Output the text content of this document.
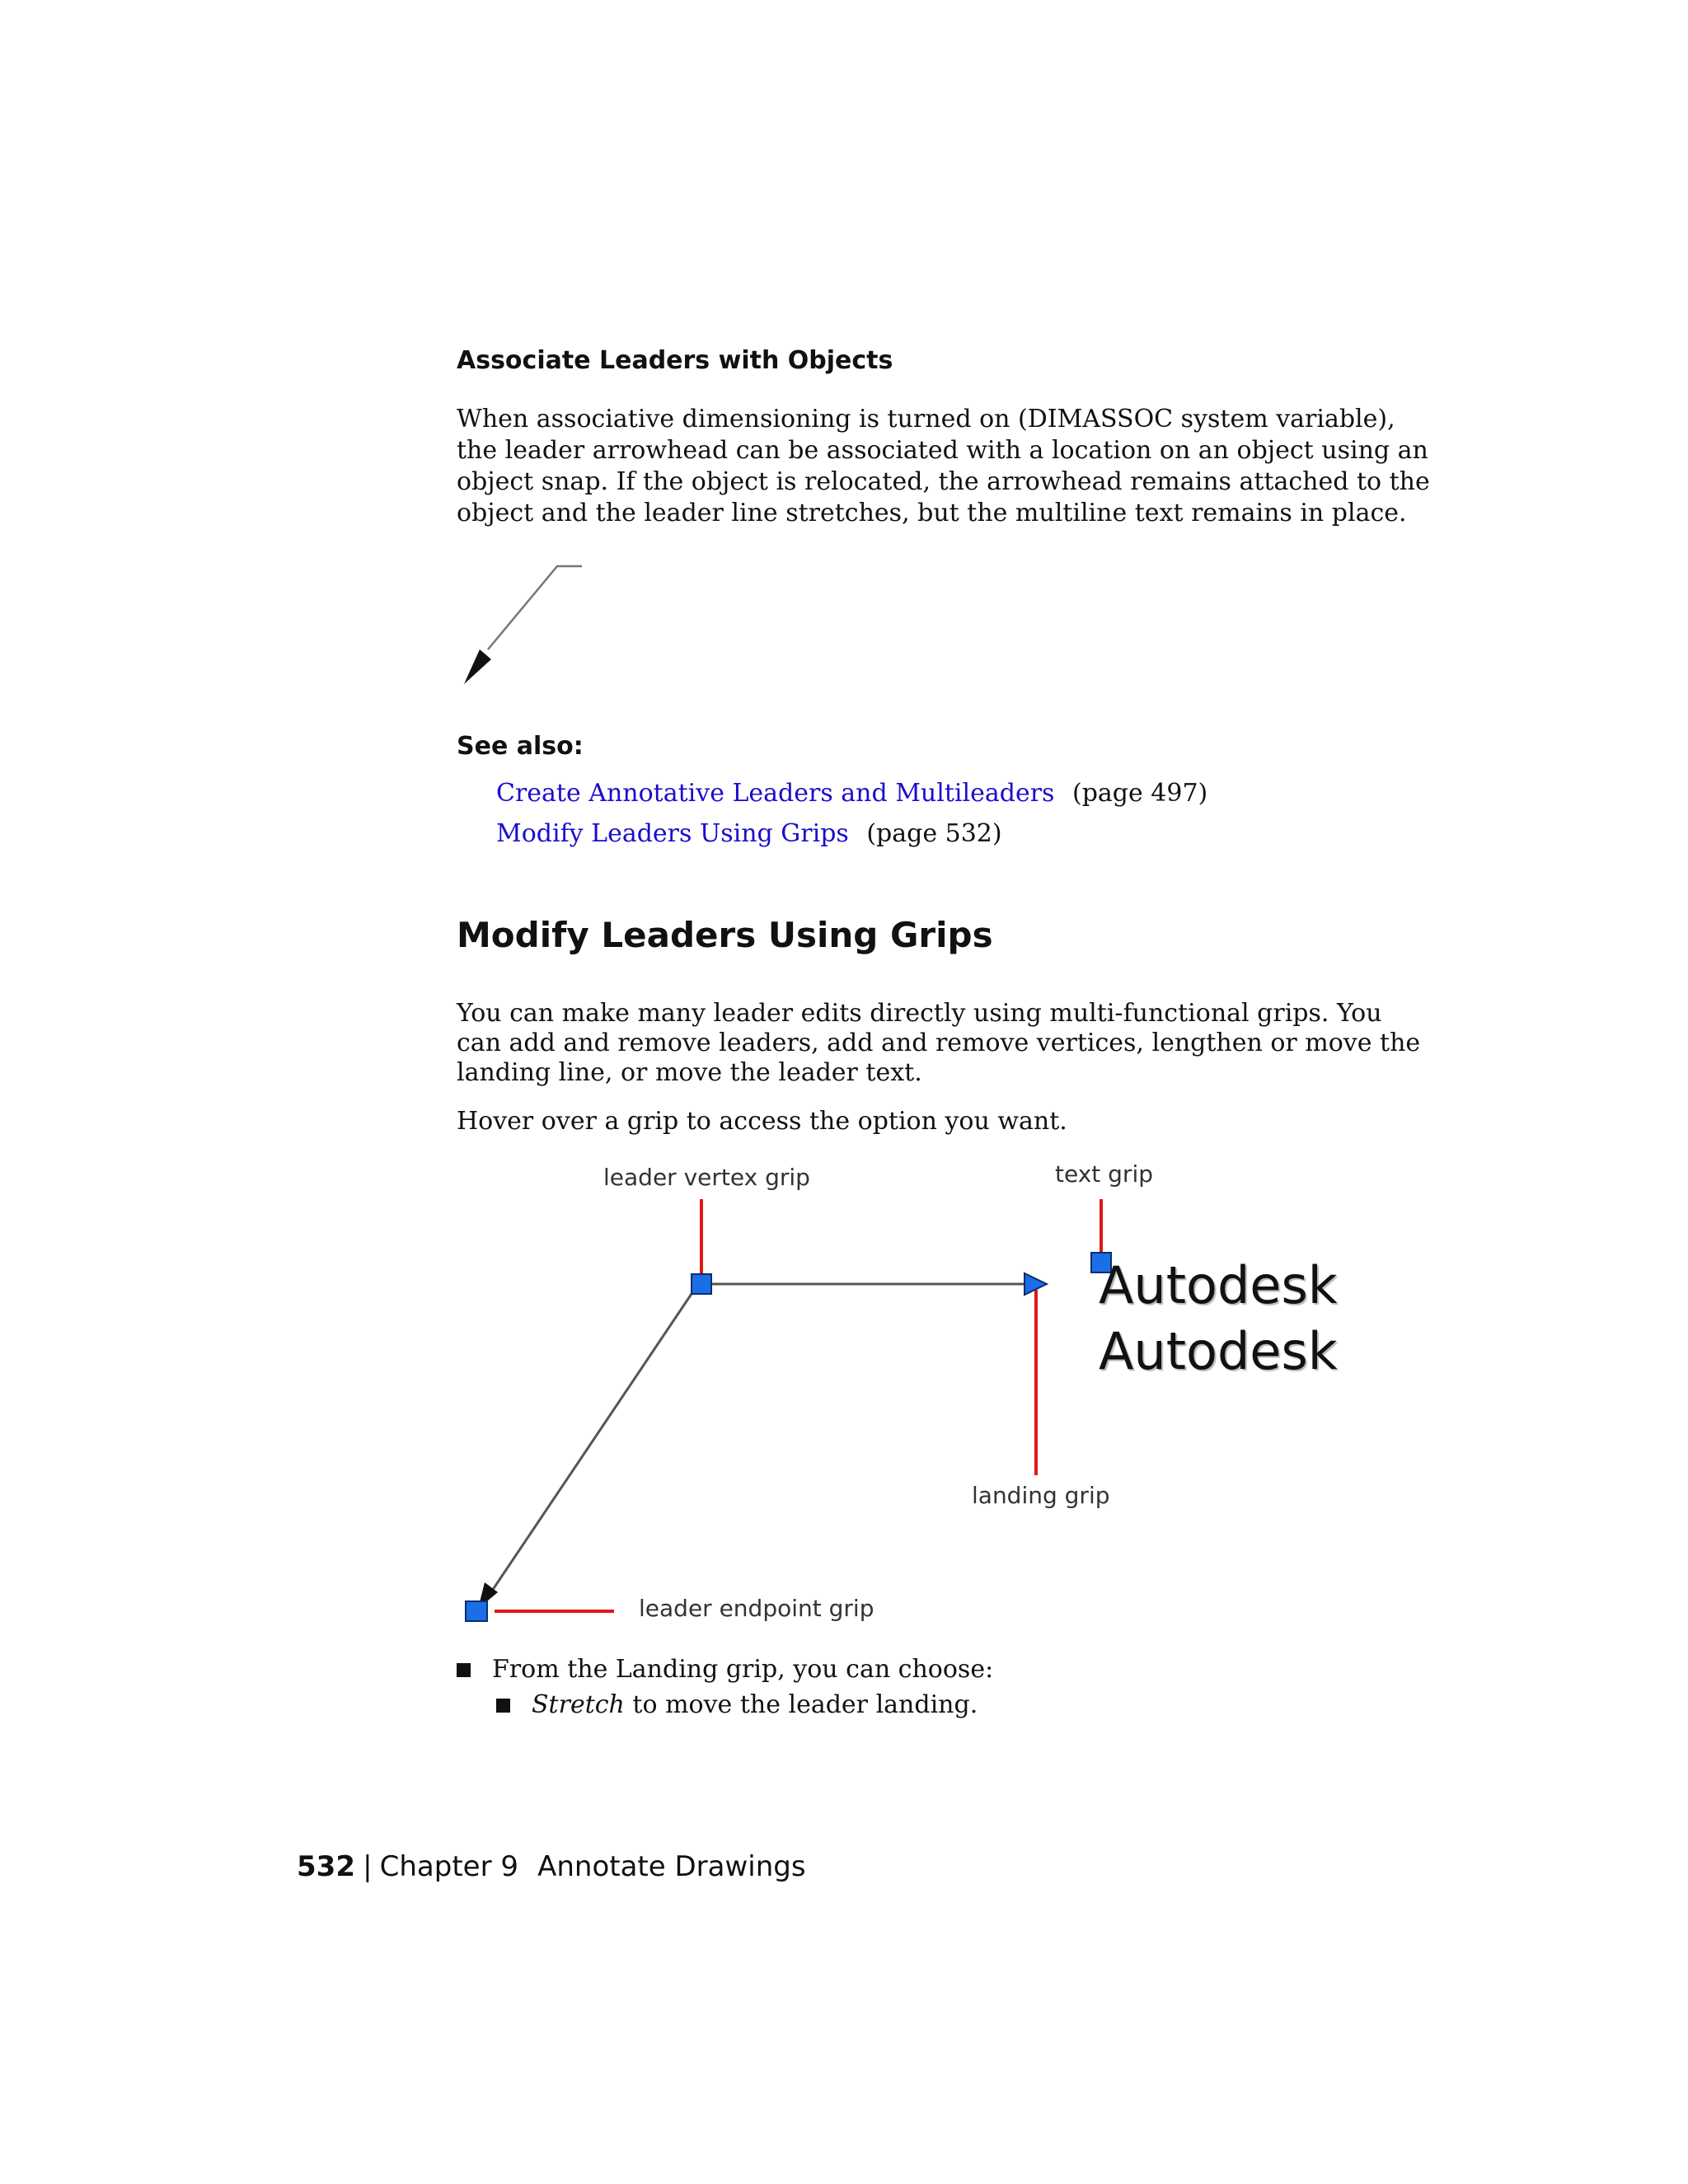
Associate Leaders with Objects

When associative dimensioning is turned on (DIMASSOC system variable),

the leader arrowhead can be associated with a location on an object using an

object snap. If the object is relocated, the arrowhead remains attached to the

object and the leader line stretches, but the multiline text remains in place.

See also:
Create Annotative Leaders and Multileaders (page 497)
Modify Leaders Using Grips (page 532)
Modify Leaders Using Grips

You can make many leader edits directly using multi-functional grips. You

can add and remove leaders, add and remove vertices, lengthen or move the

landing line, or move the leader text.

Hover over a grip to access the option you want.

leader vertex grip	text grip
landing grip
leader endpoint grip
Autodesk
Autodesk
From the Landing grip, you can choose:
Stretch to move the leader landing.
532 | Chapter 9 Annotate Drawings
